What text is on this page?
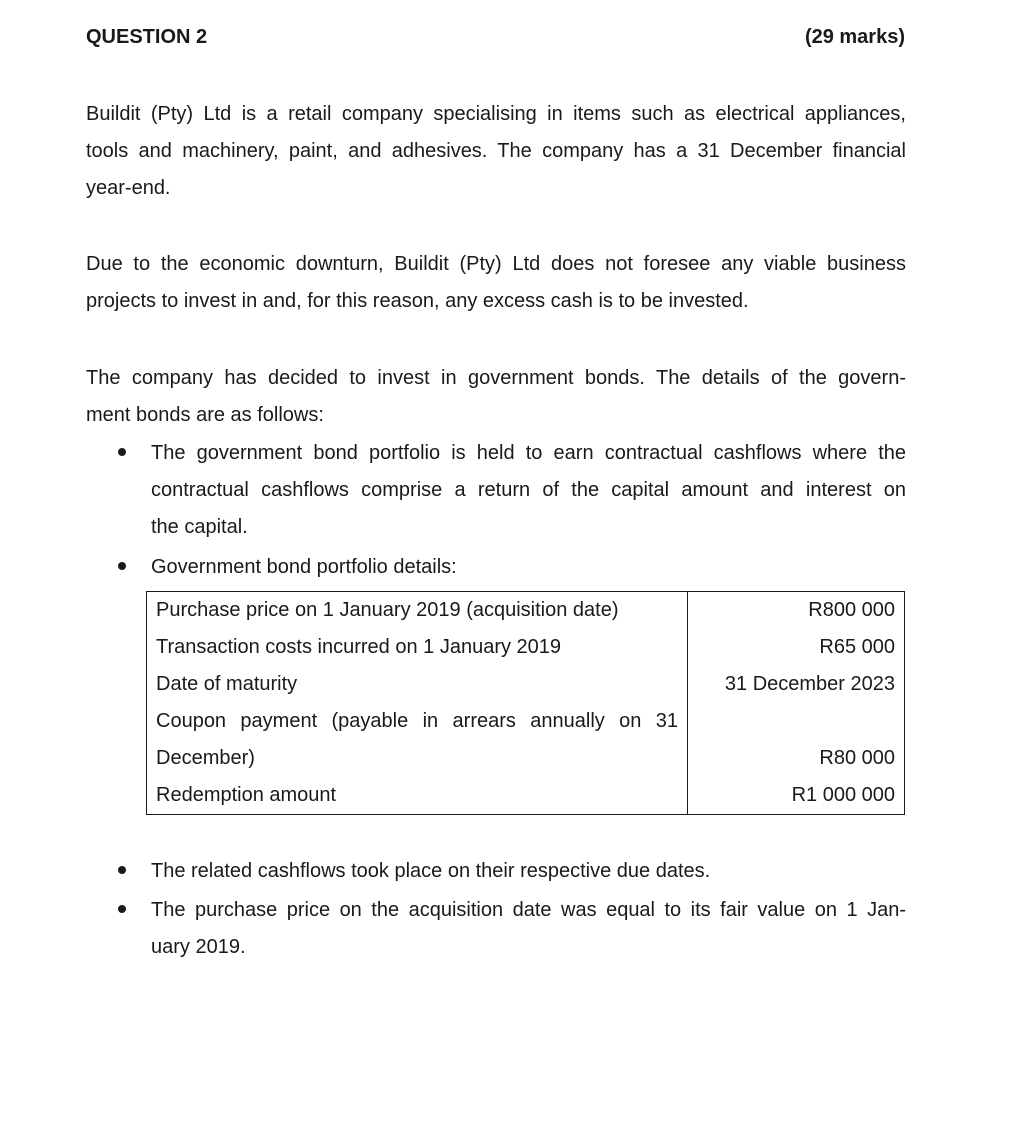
QUESTION 2	(29 marks)
Buildit (Pty) Ltd is a retail company specialising in items such as electrical appliances,
tools and machinery, paint, and adhesives. The company has a 31 December financial
year-end.
Due to the economic downturn, Buildit (Pty) Ltd does not foresee any viable business
projects to invest in and, for this reason, any excess cash is to be invested.
The company has decided to invest in government bonds. The details of the govern-
ment bonds are as follows:
The government bond portfolio is held to earn contractual cashflows where the
contractual cashflows comprise a return of the capital amount and interest on
the capital.
Government bond portfolio details:
Purchase price on 1 January 2019 (acquisition date)	R800 000
Transaction costs incurred on 1 January 2019	R65 000
Date of maturity	31 December 2023

Coupon payment (payable in arrears annually on 31
December)	R80 000
Redemption amount	R1 000 000
The related cashflows took place on their respective due dates.
The purchase price on the acquisition date was equal to its fair value on 1 Jan-
uary 2019.
